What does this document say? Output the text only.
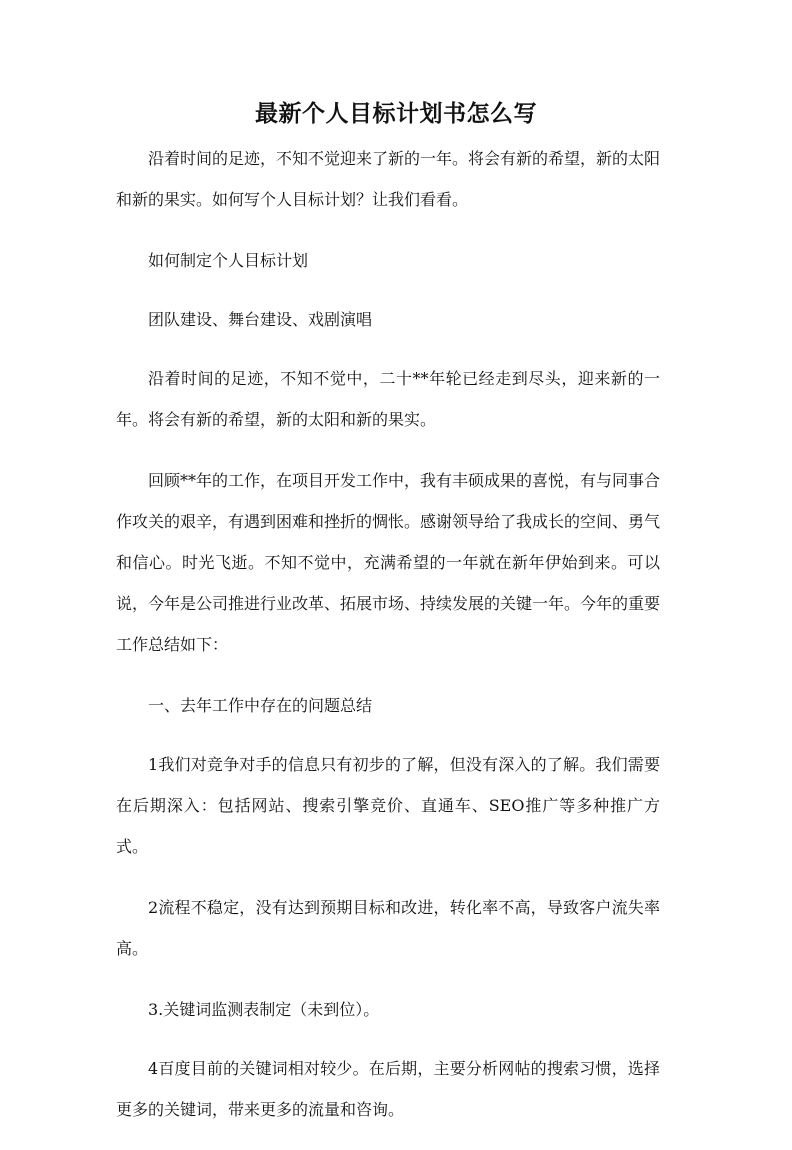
最新个人目标计划书怎么写

沿着时间的足迹，不知不觉迎来了新的一年。将会有新的希望，新的太阳和新的果实。如何写个人目标计划？让我们看看。

如何制定个人目标计划

团队建设、舞台建设、戏剧演唱

沿着时间的足迹，不知不觉中，二十**年轮已经走到尽头，迎来新的一年。将会有新的希望，新的太阳和新的果实。

回顾**年的工作，在项目开发工作中，我有丰硕成果的喜悦，有与同事合作攻关的艰辛，有遇到困难和挫折的惆怅。感谢领导给了我成长的空间、勇气和信心。时光飞逝。不知不觉中，充满希望的一年就在新年伊始到来。可以说，今年是公司推进行业改革、拓展市场、持续发展的关键一年。今年的重要工作总结如下：

一、去年工作中存在的问题总结

1我们对竞争对手的信息只有初步的了解，但没有深入的了解。我们需要在后期深入：包括网站、搜索引擎竞价、直通车、SEO推广等多种推广方式。

2流程不稳定，没有达到预期目标和改进，转化率不高，导致客户流失率高。

3.关键词监测表制定（未到位）。

4百度目前的关键词相对较少。在后期，主要分析网帖的搜索习惯，选择更多的关键词，带来更多的流量和咨询。
